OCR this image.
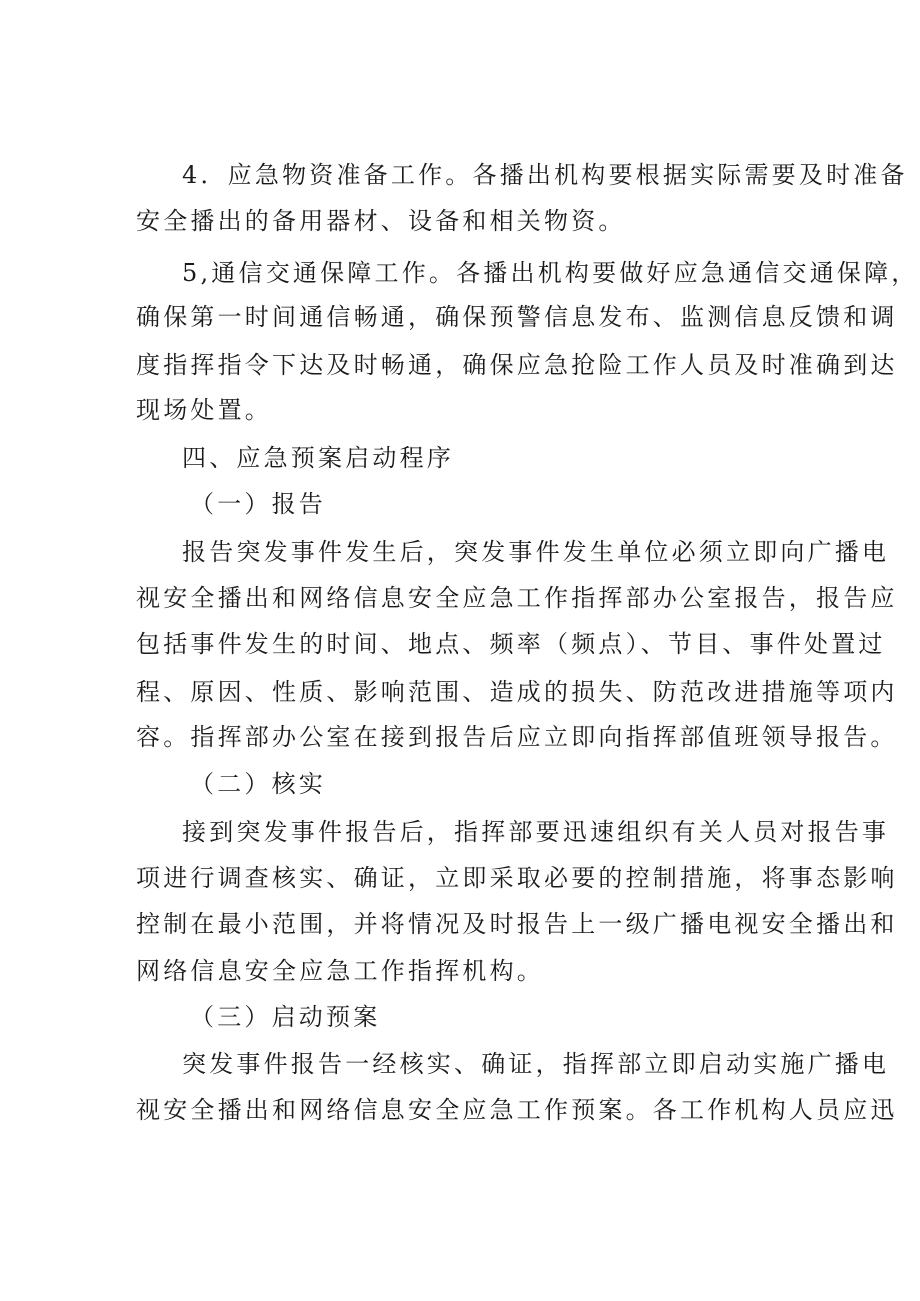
4．应急物资准备工作。各播出机构要根据实际需要及时准备
安全播出的备用器材、设备和相关物资。
5,通信交通保障工作。各播出机构要做好应急通信交通保障，
确保第一时间通信畅通，确保预警信息发布、监测信息反馈和调
度指挥指令下达及时畅通，确保应急抢险工作人员及时准确到达
现场处置。
四、应急预案启动程序
（一）报告
报告突发事件发生后，突发事件发生单位必须立即向广播电
视安全播出和网络信息安全应急工作指挥部办公室报告，报告应
包括事件发生的时间、地点、频率（频点）、节目、事件处置过
程、原因、性质、影响范围、造成的损失、防范改进措施等项内
容。指挥部办公室在接到报告后应立即向指挥部值班领导报告。
（二）核实
接到突发事件报告后，指挥部要迅速组织有关人员对报告事
项进行调查核实、确证，立即采取必要的控制措施，将事态影响
控制在最小范围，并将情况及时报告上一级广播电视安全播出和
网络信息安全应急工作指挥机构。
（三）启动预案
突发事件报告一经核实、确证，指挥部立即启动实施广播电
视安全播出和网络信息安全应急工作预案。各工作机构人员应迅
